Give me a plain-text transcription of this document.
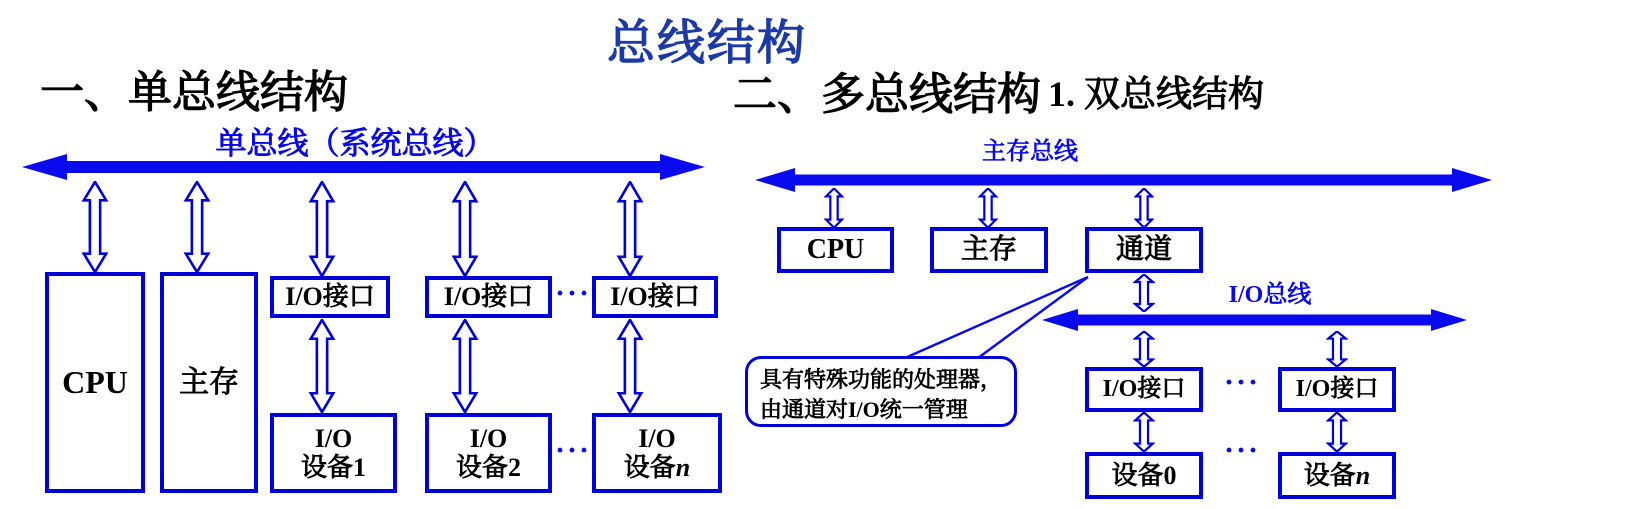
总线结构
一、单总线结构	二、多总线结构 1. 双总线结构
单总线（系统总线）
CPU	主存
I/O接口	I/O接口 ··· I/O接口
I/O
设备1
I/O
设备2
··· I/O
设备n
主存总线
CPU	主存	通道
I/O总线
具有特殊功能的处理器，
由通道对I/O统一管理
I/O接口	···	I/O接口
设备0
···
设备n
